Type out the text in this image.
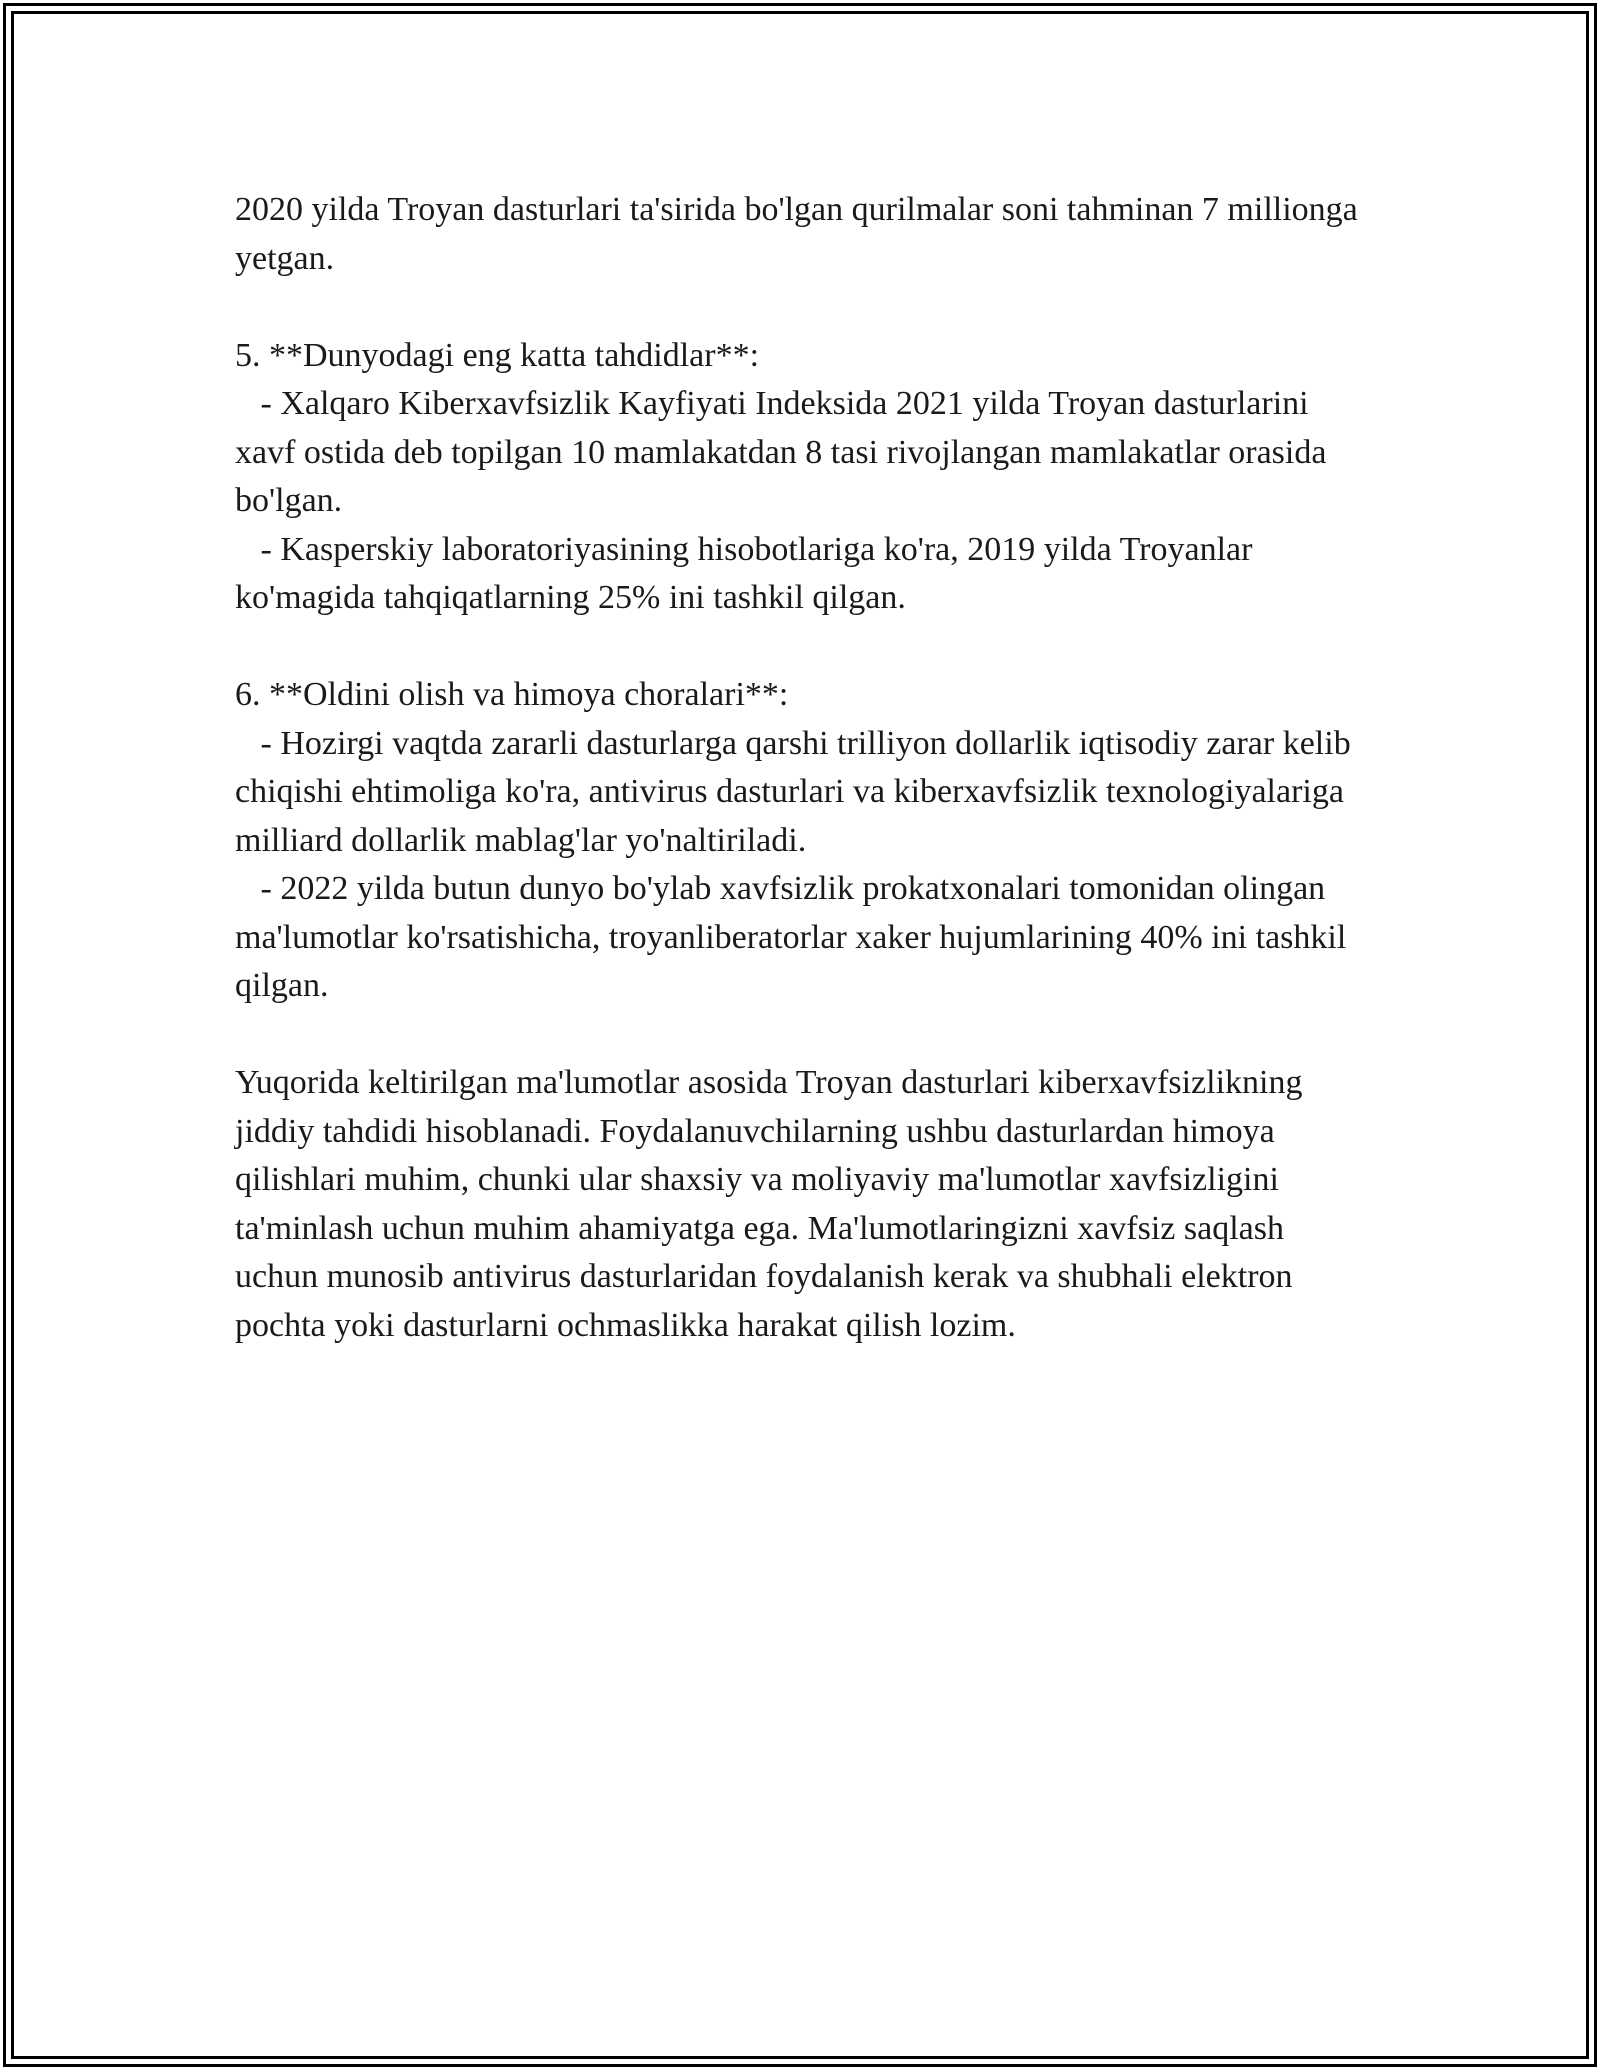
2020 yilda Troyan dasturlari ta'sirida bo'lgan qurilmalar soni tahminan 7 millionga yetgan.

5. **Dunyodagi eng katta tahdidlar**:

- Xalqaro Kiberxavfsizlik Kayfiyati Indeksida 2021 yilda Troyan dasturlarini xavf ostida deb topilgan 10 mamlakatdan 8 tasi rivojlangan mamlakatlar orasida bo'lgan.

- Kasperskiy laboratoriyasining hisobotlariga ko'ra, 2019 yilda Troyanlar ko'magida tahqiqatlarning 25% ini tashkil qilgan.

6. **Oldini olish va himoya choralari**:

- Hozirgi vaqtda zararli dasturlarga qarshi trilliyon dollarlik iqtisodiy zarar kelib chiqishi ehtimoliga ko'ra, antivirus dasturlari va kiberxavfsizlik texnologiyalariga milliard dollarlik mablag'lar yo'naltiriladi.

- 2022 yilda butun dunyo bo'ylab xavfsizlik prokatxonalari tomonidan olingan ma'lumotlar ko'rsatishicha, troyanliberatorlar xaker hujumlarining 40% ini tashkil qilgan.

Yuqorida keltirilgan ma'lumotlar asosida Troyan dasturlari kiberxavfsizlikning jiddiy tahdidi hisoblanadi. Foydalanuvchilarning ushbu dasturlardan himoya qilishlari muhim, chunki ular shaxsiy va moliyaviy ma'lumotlar xavfsizligini ta'minlash uchun muhim ahamiyatga ega. Ma'lumotlaringizni xavfsiz saqlash uchun munosib antivirus dasturlaridan foydalanish kerak va shubhali elektron pochta yoki dasturlarni ochmaslikka harakat qilish lozim.
